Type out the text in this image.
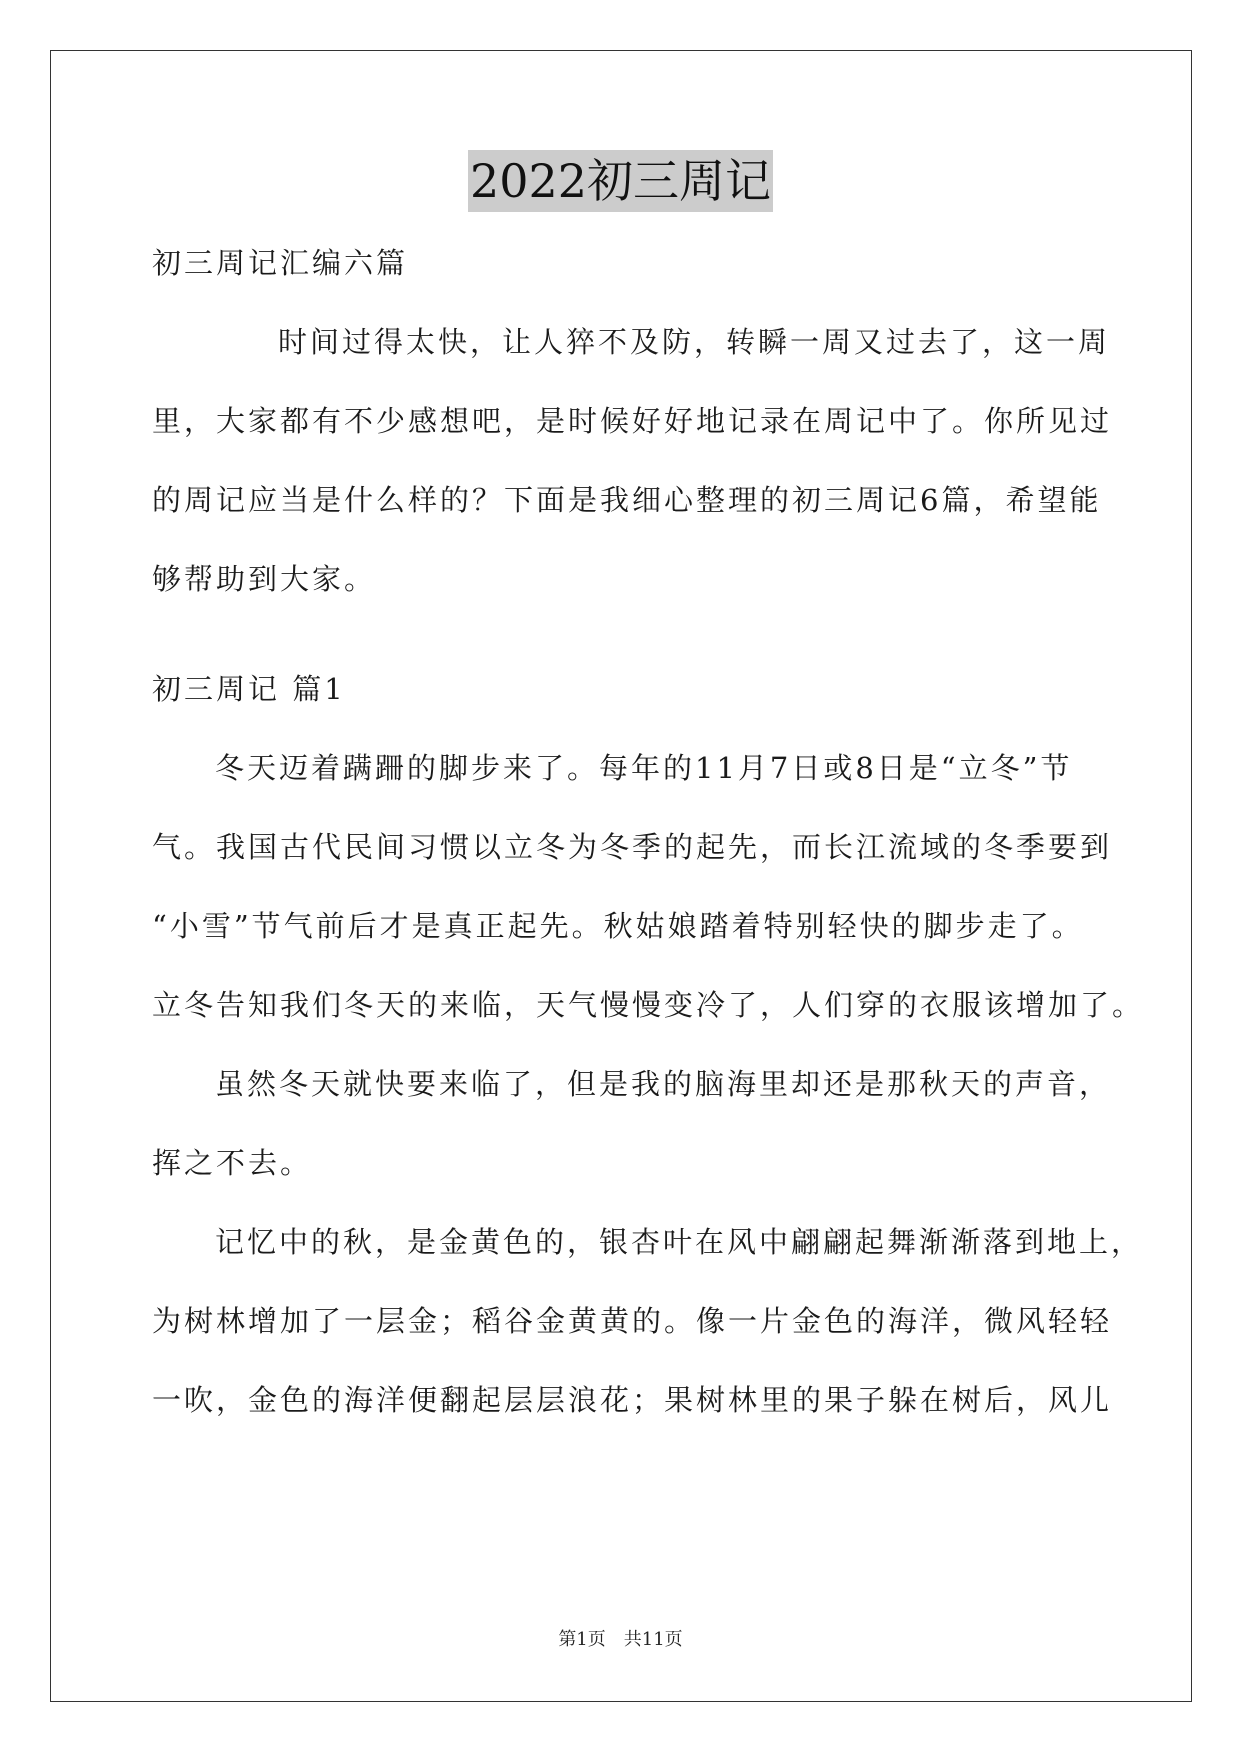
2022初三周记
初三周记汇编六篇
时间过得太快，让人猝不及防，转瞬一周又过去了，这一周
里，大家都有不少感想吧，是时候好好地记录在周记中了。你所见过
的周记应当是什么样的？下面是我细心整理的初三周记6篇，希望能
够帮助到大家。
初三周记 篇1
冬天迈着蹒跚的脚步来了。每年的11月7日或8日是“立冬”节
气。我国古代民间习惯以立冬为冬季的起先，而长江流域的冬季要到
“小雪”节气前后才是真正起先。秋姑娘踏着特别轻快的脚步走了。
立冬告知我们冬天的来临，天气慢慢变冷了，人们穿的衣服该增加了。
虽然冬天就快要来临了，但是我的脑海里却还是那秋天的声音，
挥之不去。
记忆中的秋，是金黄色的，银杏叶在风中翩翩起舞渐渐落到地上，
为树林增加了一层金；稻谷金黄黄的。像一片金色的海洋，微风轻轻
一吹，金色的海洋便翻起层层浪花；果树林里的果子躲在树后，风儿
第1页 共11页
